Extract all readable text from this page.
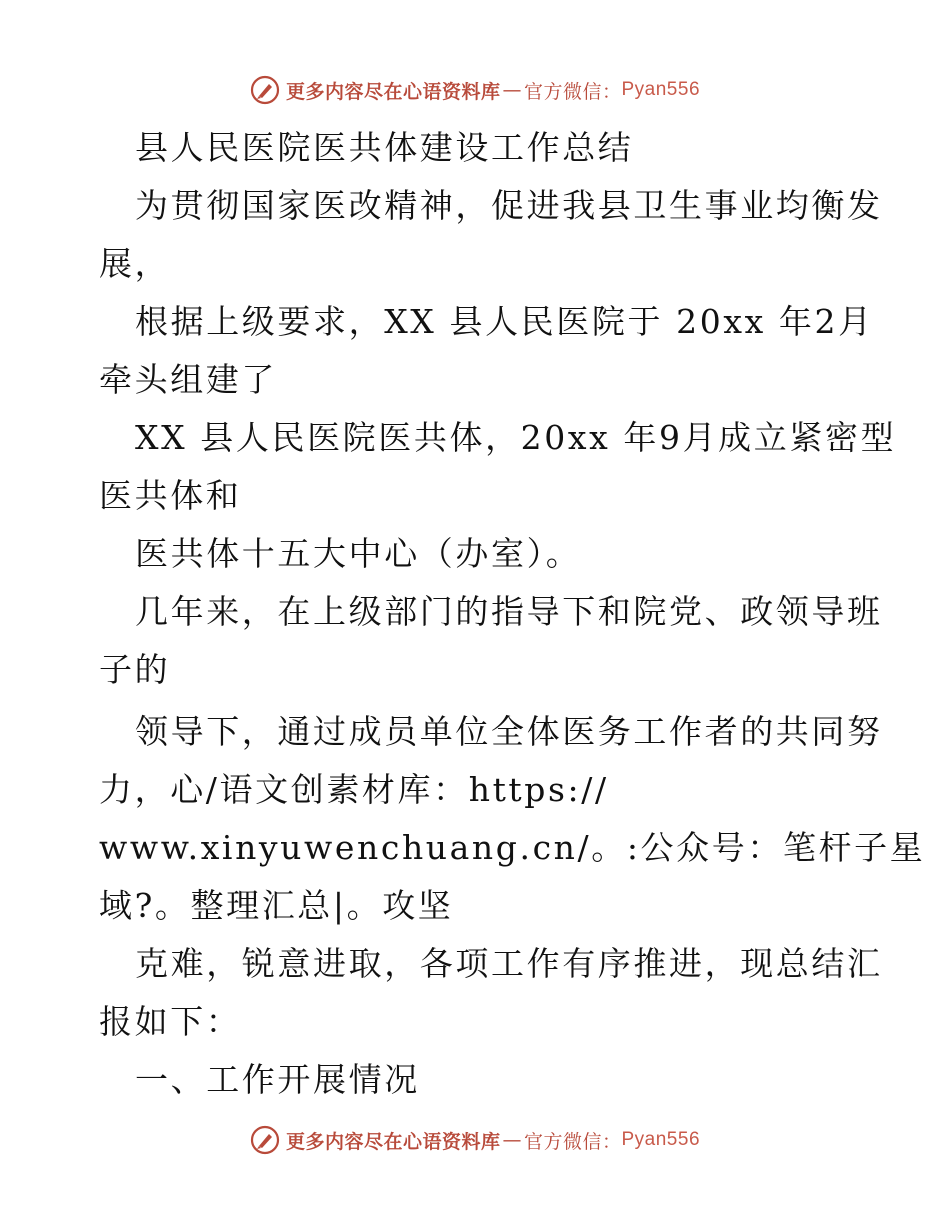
更多内容尽在心语资料库 — 官方微信： Pyan556
县人民医院医共体建设工作总结
为贯彻国家医改精神，促进我县卫生事业均衡发
展，
根据上级要求，XX 县人民医院于 20xx 年2月
牵头组建了
XX 县人民医院医共体，20xx 年9月成立紧密型
医共体和
医共体十五大中心（办室）。
几年来，在上级部门的指导下和院党、政领导班
子的
领导下，通过成员单位全体医务工作者的共同努
力，心/语文创素材库：https://
www.xinyuwenchuang.cn/。:公众号：笔杆子星
域?。整理汇总|。攻坚
克难，锐意进取，各项工作有序推进，现总结汇
报如下：
一、工作开展情况
更多内容尽在心语资料库 — 官方微信： Pyan556
